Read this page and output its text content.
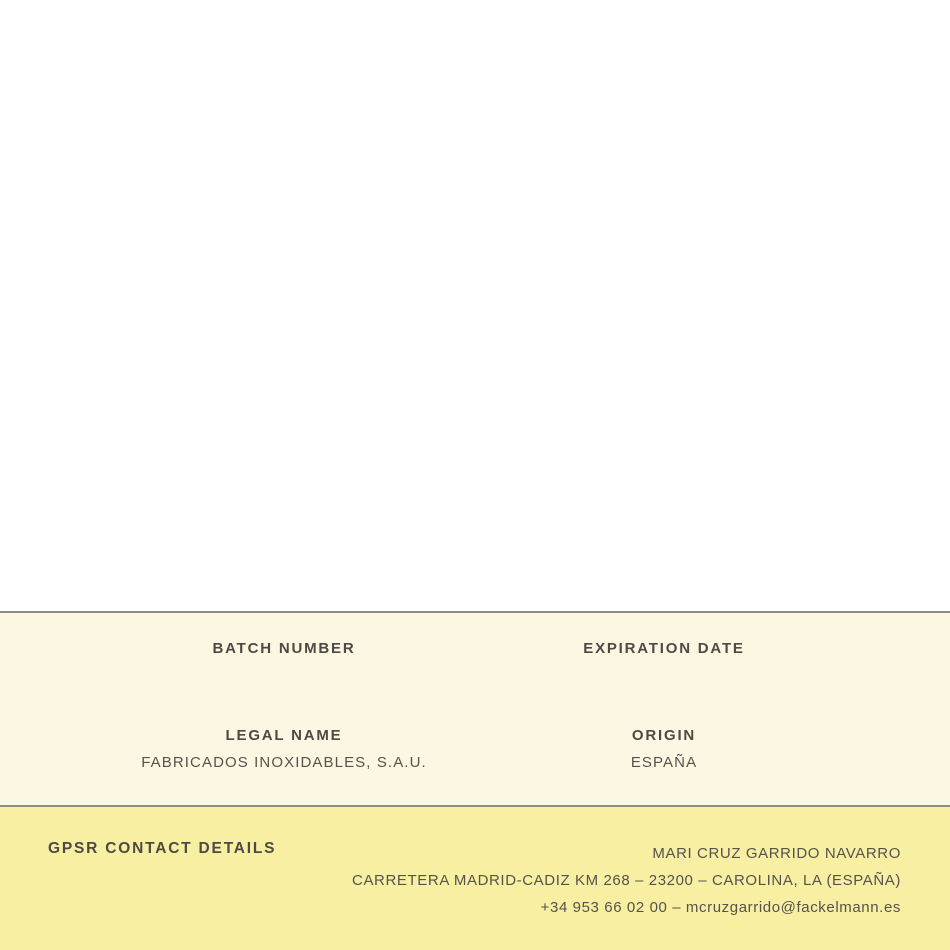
BATCH NUMBER
LEGAL NAME
FABRICADOS INOXIDABLES, S.A.U.
EXPIRATION DATE
ORIGIN
ESPAÑA
GPSR CONTACT DETAILS	MARI CRUZ GARRIDO NAVARRO
CARRETERA MADRID-CADIZ KM 268 – 23200 – CAROLINA, LA (ESPAÑA)
+34 953 66 02 00 – mcruzgarrido@fackelmann.es
